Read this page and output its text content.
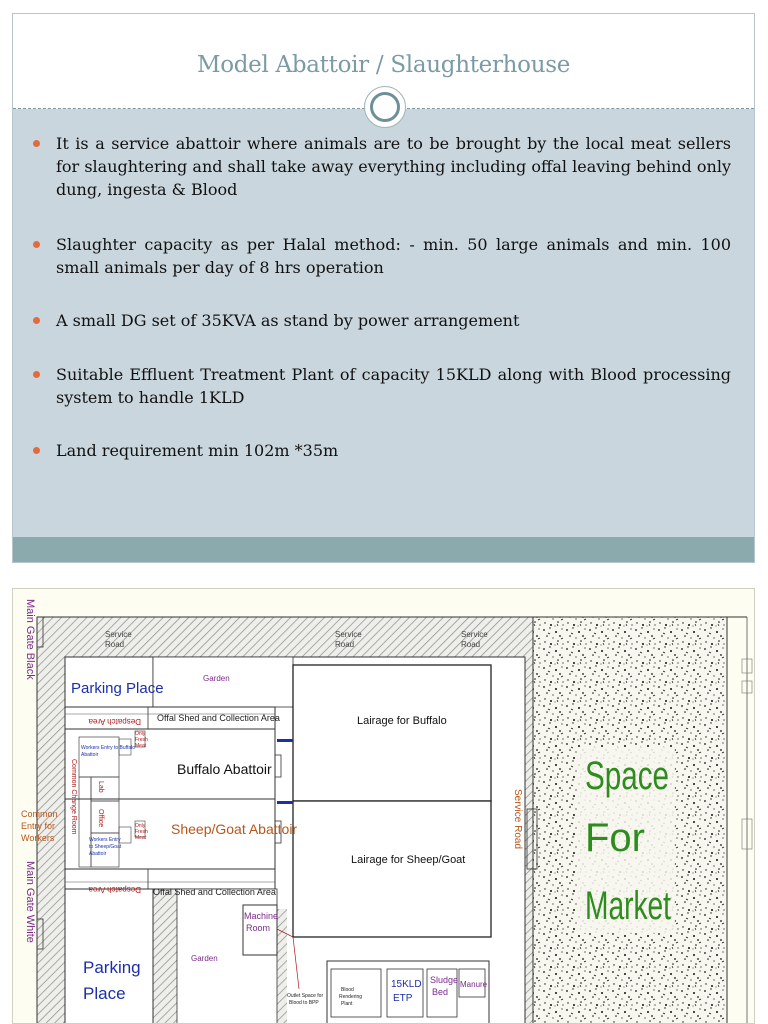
Model Abattoir / Slaughterhouse
It is a service abattoir where animals are to be brought by the local meat sellers for slaughtering and shall take away everything including offal leaving behind only dung, ingesta & Blood
Slaughter capacity as per Halal method: - min. 50 large animals and min. 100 small animals per day of 8 hrs operation
A small DG set of 35KVA as stand by power arrangement
Suitable Effluent Treatment Plant of capacity 15KLD along with Blood processing system to handle 1KLD
Land requirement min 102m *35m
Main Gate Black
Main Gate White
Common Entry for Workers
Service Road
Service Road
Service Road
Service Road
Parking Place
Garden
Despatch Area Offal Shed and Collection Area
Workers Entry to Buffalo Abattoir
Only Fresh Meat
Common Change Room	Office
Lab
Workers Entry to Sheep/Goat Abattoir
Only Fresh Meat
Buffalo Abattoir
Sheep/Goat Abattoir
Lairage for Buffalo
Lairage for Sheep/Goat
Despatch Area Offal Shed and Collection Area
Parking Place
Garden
Machine Room
Outlet Space for Blood to BPP
Blood Rendering Plant
15KLD ETP
Sludge Bed
Manure
Space
For
Market
